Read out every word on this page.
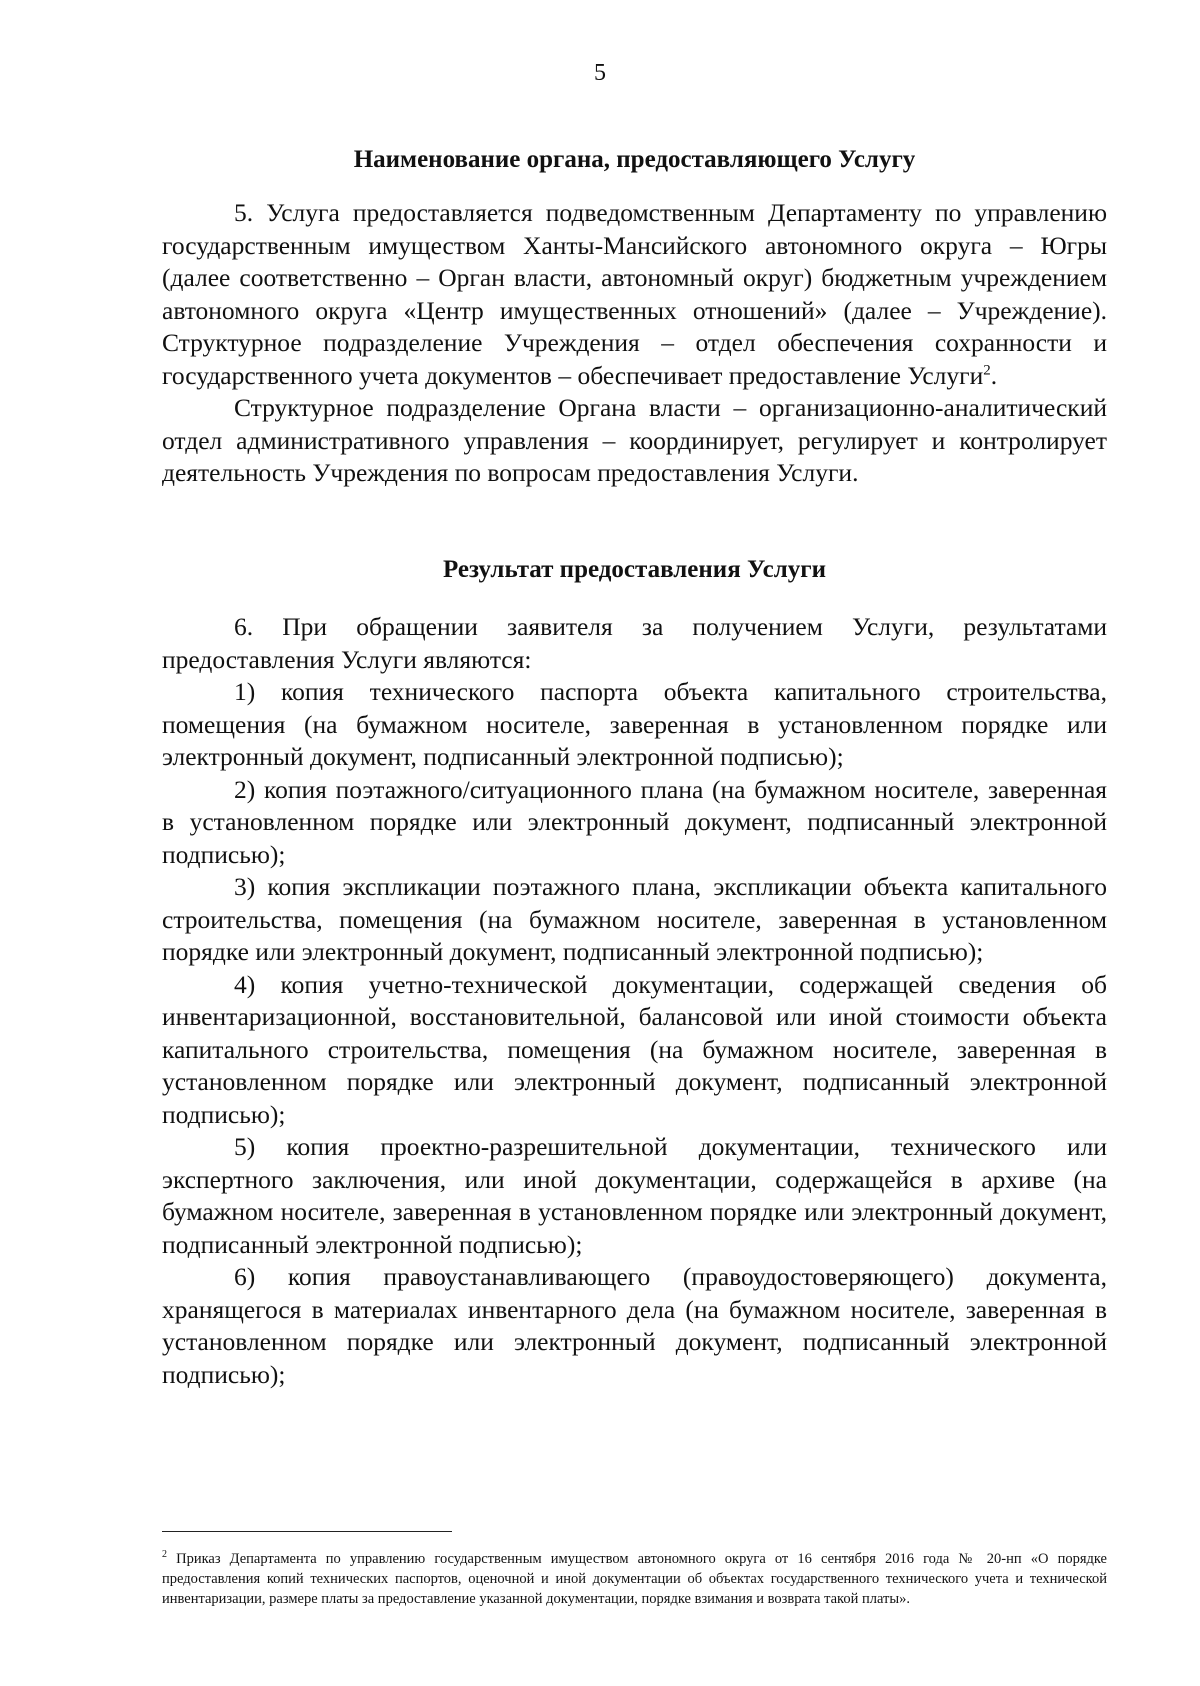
5
Наименование органа, предоставляющего Услугу

5. Услуга предоставляется подведомственным Департаменту по управлению государственным имуществом Ханты-Мансийского автономного округа – Югры (далее соответственно – Орган власти, автономный округ) бюджетным учреждением автономного округа «Центр имущественных отношений» (далее – Учреждение). Структурное подразделение Учреждения – отдел обеспечения сохранности и государственного учета документов – обеспечивает предоставление Услуги$^2$.

Структурное подразделение Органа власти – организационно-аналитический отдел административного управления – координирует, регулирует и контролирует деятельность Учреждения по вопросам предоставления Услуги.

Результат предоставления Услуги

6. При обращении заявителя за получением Услуги, результатами предоставления Услуги являются:

1) копия технического паспорта объекта капитального строительства, помещения (на бумажном носителе, заверенная в установленном порядке или электронный документ, подписанный электронной подписью);

2) копия поэтажного/ситуационного плана (на бумажном носителе, заверенная в установленном порядке или электронный документ, подписанный электронной подписью);

3) копия экспликации поэтажного плана, экспликации объекта капитального строительства, помещения (на бумажном носителе, заверенная в установленном порядке или электронный документ, подписанный электронной подписью);

4) копия учетно-технической документации, содержащей сведения об инвентаризационной, восстановительной, балансовой или иной стоимости объекта капитального строительства, помещения (на бумажном носителе, заверенная в установленном порядке или электронный документ, подписанный электронной подписью);

5) копия проектно-разрешительной документации, технического или экспертного заключения, или иной документации, содержащейся в архиве (на бумажном носителе, заверенная в установленном порядке или электронный документ, подписанный электронной подписью);

6) копия правоустанавливающего (правоудостоверяющего) документа, хранящегося в материалах инвентарного дела (на бумажном носителе, заверенная в установленном порядке или электронный документ, подписанный электронной подписью);

$^2$ Приказ Департамента по управлению государственным имуществом автономного округа от 16 сентября 2016 года № 20-нп «О порядке предоставления копий технических паспортов, оценочной и иной документации об объектах государственного технического учета и технической инвентаризации, размере платы за предоставление указанной документации, порядке взимания и возврата такой платы».
